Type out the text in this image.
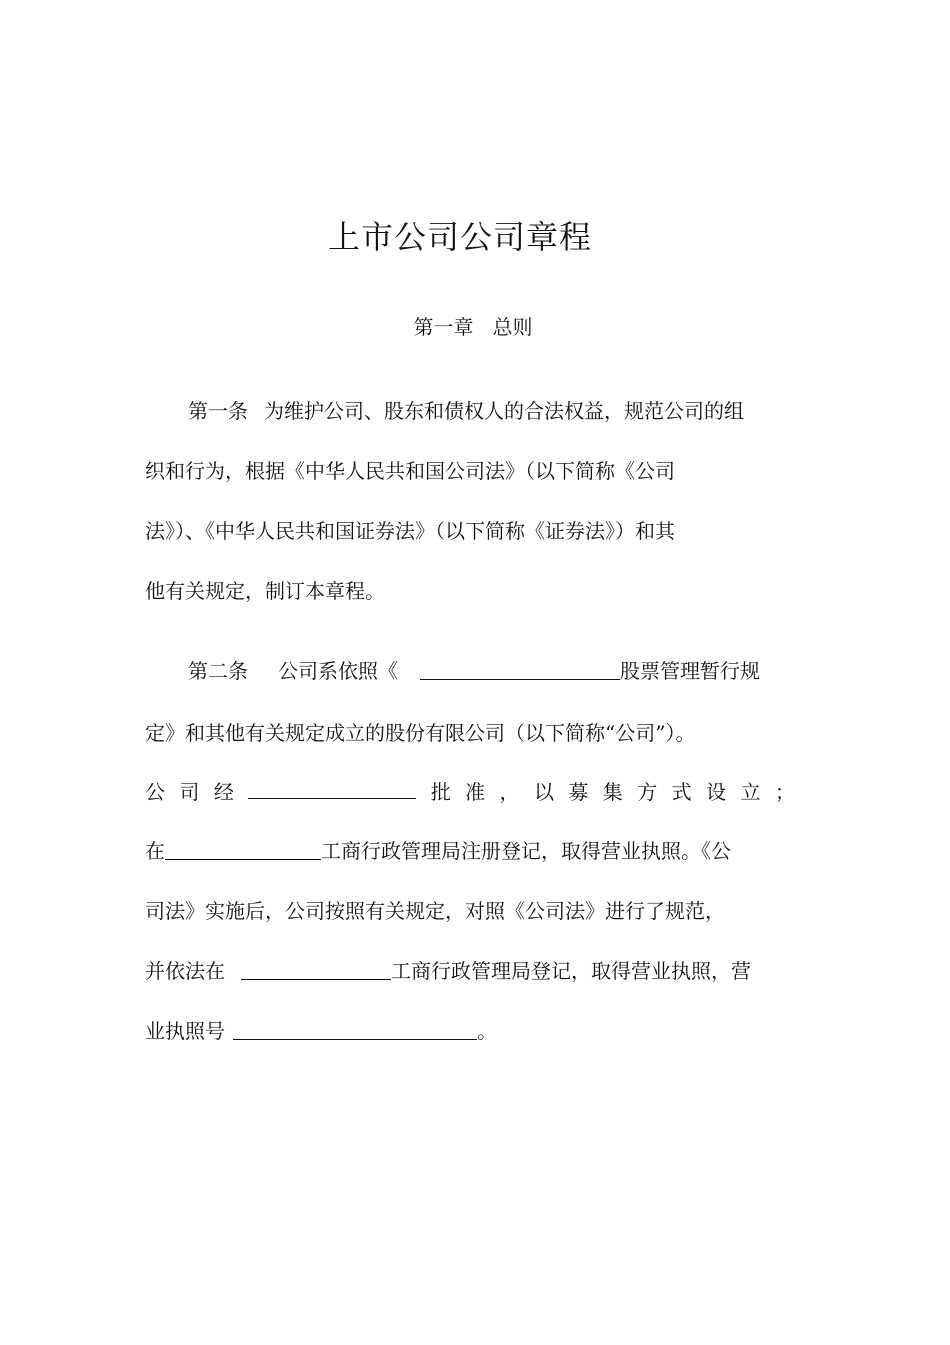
上市公司公司章程
第一章   总则
第一条 为维护公司、股东和债权人的合法权益，规范公司的组
织和行为，根据《中华人民共和国公司法》（以下简称《公司
法》）、《中华人民共和国证券法》（以下简称《证券法》）和其
他有关规定，制订本章程。
第二条 公司系依照《	股票管理暂行规
定》和其他有关规定成立的股份有限公司（以下简称“公司”）。
公 司 经	批 准 ， 以 募 集 方 式 设 立 ；
在	工商行政管理局注册登记，取得营业执照。《公
司法》实施后，公司按照有关规定，对照《公司法》进行了规范，
并依法在	工商行政管理局登记，取得营业执照，营
业执照号	。
